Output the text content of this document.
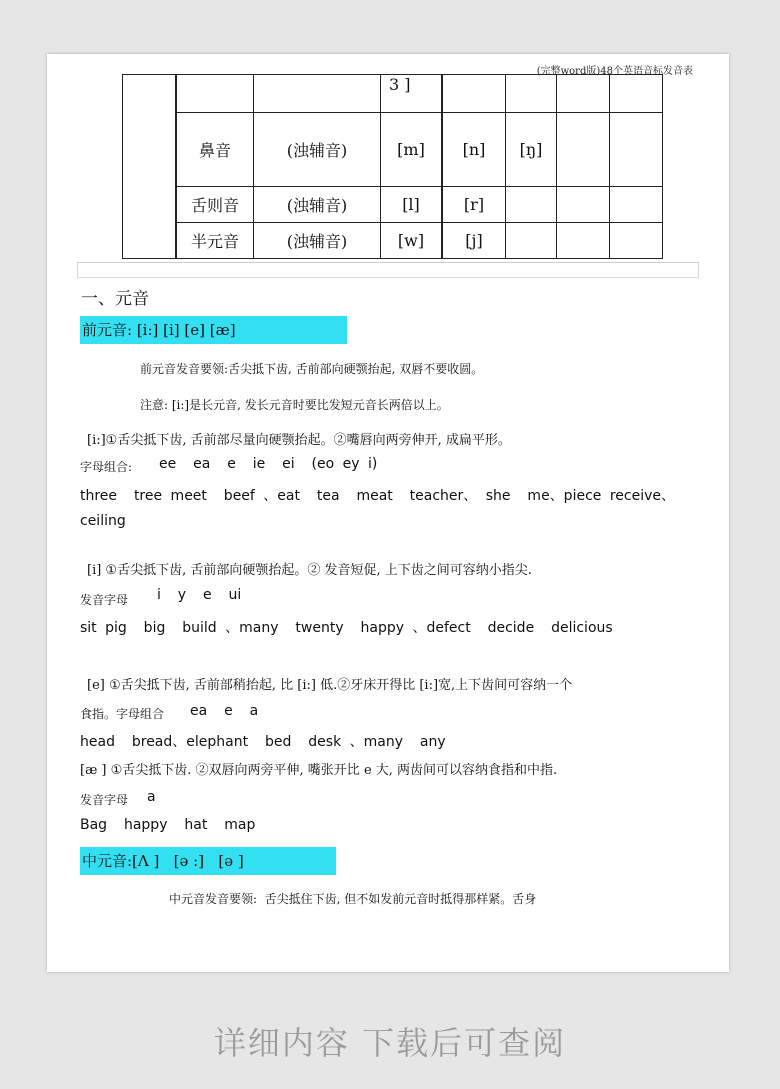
(完整word版)48个英语音标发音表
			3 ]				
	鼻音	(浊辅音)	[m]	[n]	[ŋ]		
	舌则音	(浊辅音)	[l]	[r]			
	半元音	(浊辅音)	[w]	[j]			
一、元音
前元音: [i:] [i] [e] [æ]
前元音发音要领:舌尖抵下齿, 舌前部向硬颚抬起, 双唇不要收圆。
注意: [i:]是长元音, 发长元音时要比发短元音长两倍以上。
[i:]①舌尖抵下齿, 舌前部尽量向硬颚抬起。②嘴唇向两旁伸开, 成扁平形。
字母组合: ee  ea  e  ie  ei  (eo ey i)
three  tree meet  beef 、eat  tea  meat  teacher、 she  me、piece receive、
ceiling
[i] ①舌尖抵下齿, 舌前部向硬颚抬起。② 发音短促, 上下齿之间可容纳小指尖.
发音字母 i  y  e  ui
sit pig  big  build 、many  twenty  happy 、defect  decide  delicious
[e] ①舌尖抵下齿, 舌前部稍抬起, 比 [i:] 低.②牙床开得比 [i:]宽,上下齿间可容纳一个
食指。字母组合 ea  e  a
head  bread、elephant  bed  desk 、many  any
[æ ] ①舌尖抵下齿. ②双唇向两旁平伸, 嘴张开比 e 大, 两齿间可以容纳食指和中指.
发音字母 a
Bag  happy  hat  map
中元音:[Λ ]   [ə :]   [ə ]
中元音发音要领:  舌尖抵住下齿, 但不如发前元音时抵得那样紧。舌身
详细内容 下载后可查阅
